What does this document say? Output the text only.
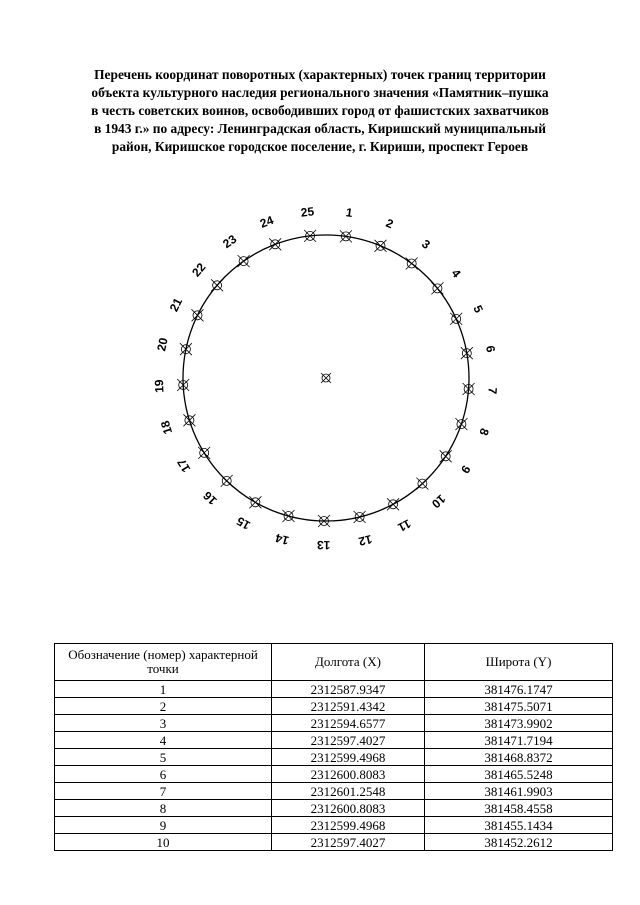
Перечень координат поворотных (характерных) точек границ территории
объекта культурного наследия регионального значения «Памятник–пушка
в честь советских воинов, освободивших город от фашистских захватчиков
в 1943 г.» по адресу: Ленинградская область, Киришский муниципальный
район, Киришское городское поселение, г. Кириши, проспект Героев
1
2
3
4
5
6
7
8
9
10
11
12
13
14
15
16
17
18
19
20
21
22
23
24
25
Обозначение (номер) характерной точки	Долгота (X)	Широта (Y)
1	2312587.9347	381476.1747
2	2312591.4342	381475.5071
3	2312594.6577	381473.9902
4	2312597.4027	381471.7194
5	2312599.4968	381468.8372
6	2312600.8083	381465.5248
7	2312601.2548	381461.9903
8	2312600.8083	381458.4558
9	2312599.4968	381455.1434
10	2312597.4027	381452.2612
